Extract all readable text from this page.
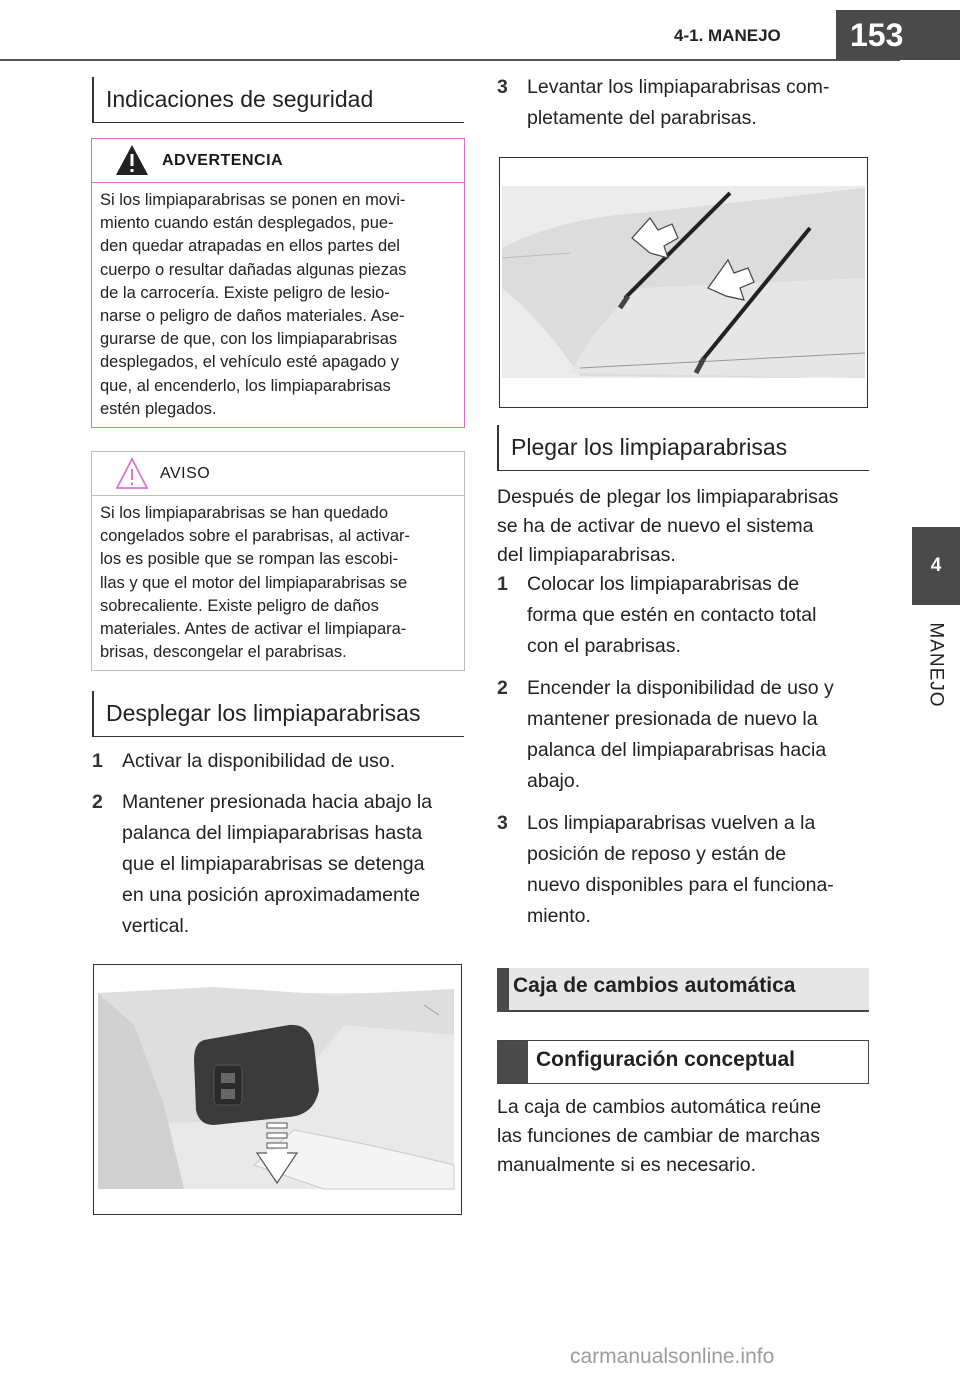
4-1. MANEJO	153
4
MANEJO
Indicaciones de seguridad
ADVERTENCIA
Si los limpiaparabrisas se ponen en movi-
miento cuando están desplegados, pue-
den quedar atrapadas en ellos partes del
cuerpo o resultar dañadas algunas piezas
de la carrocería. Existe peligro de lesio-
narse o peligro de daños materiales. Ase-
gurarse de que, con los limpiaparabrisas
desplegados, el vehículo esté apagado y
que, al encenderlo, los limpiaparabrisas
estén plegados.
AVISO
Si los limpiaparabrisas se han quedado
congelados sobre el parabrisas, al activar-
los es posible que se rompan las escobi-
llas y que el motor del limpiaparabrisas se
sobrecaliente. Existe peligro de daños
materiales. Antes de activar el limpiapara-
brisas, descongelar el parabrisas.
Desplegar los limpiaparabrisas
1 Activar la disponibilidad de uso.
2 Mantener presionada hacia abajo la
palanca del limpiaparabrisas hasta
que el limpiaparabrisas se detenga
en una posición aproximadamente
vertical.
3 Levantar los limpiaparabrisas com-
pletamente del parabrisas.
Plegar los limpiaparabrisas
Después de plegar los limpiaparabrisas
se ha de activar de nuevo el sistema
del limpiaparabrisas.
1 Colocar los limpiaparabrisas de
forma que estén en contacto total
con el parabrisas.
2 Encender la disponibilidad de uso y
mantener presionada de nuevo la
palanca del limpiaparabrisas hacia
abajo.
3 Los limpiaparabrisas vuelven a la
posición de reposo y están de
nuevo disponibles para el funciona-
miento.
Caja de cambios automática
Configuración conceptual
La caja de cambios automática reúne
las funciones de cambiar de marchas
manualmente si es necesario.
carmanualsonline.info
